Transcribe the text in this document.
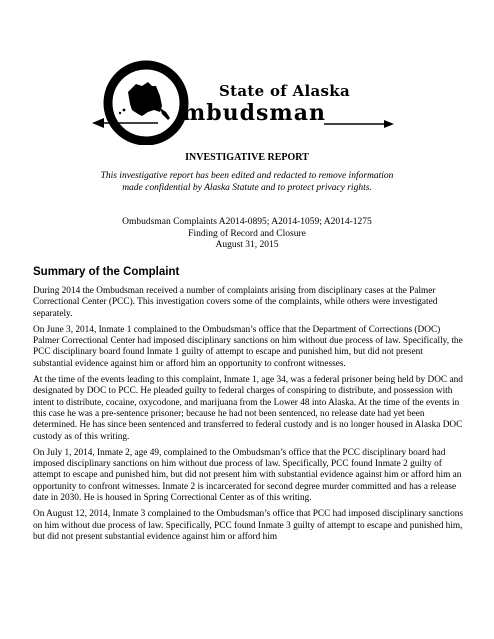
State of Alaska
mbudsman
INVESTIGATIVE REPORT
This investigative report has been edited and redacted to remove information
made confidential by Alaska Statute and to protect privacy rights.
Ombudsman Complaints A2014-0895; A2014-1059; A2014-1275
Finding of Record and Closure
August 31, 2015
Summary of the Complaint

During 2014 the Ombudsman received a number of complaints arising from disciplinary cases at the Palmer Correctional Center (PCC). This investigation covers some of the complaints, while others were investigated separately.

On June 3, 2014, Inmate 1 complained to the Ombudsman’s office that the Department of Corrections (DOC) Palmer Correctional Center had imposed disciplinary sanctions on him without due process of law. Specifically, the PCC disciplinary board found Inmate 1 guilty of attempt to escape and punished him, but did not present substantial evidence against him or afford him an opportunity to confront witnesses.

At the time of the events leading to this complaint, Inmate 1, age 34, was a federal prisoner being held by DOC and designated by DOC to PCC. He pleaded guilty to federal charges of conspiring to distribute, and possession with intent to distribute, cocaine, oxycodone, and marijuana from the Lower 48 into Alaska. At the time of the events in this case he was a pre-sentence prisoner; because he had not been sentenced, no release date had yet been determined. He has since been sentenced and transferred to federal custody and is no longer housed in Alaska DOC custody as of this writing.

On July 1, 2014, Inmate 2, age 49, complained to the Ombudsman’s office that the PCC disciplinary board had imposed disciplinary sanctions on him without due process of law. Specifically, PCC found Inmate 2 guilty of attempt to escape and punished him, but did not present him with substantial evidence against him or afford him an opportunity to confront witnesses. Inmate 2 is incarcerated for second degree murder committed and has a release date in 2030. He is housed in Spring Correctional Center as of this writing.

On August 12, 2014, Inmate 3 complained to the Ombudsman’s office that PCC had imposed disciplinary sanctions on him without due process of law. Specifically, PCC found Inmate 3 guilty of attempt to escape and punished him, but did not present substantial evidence against him or afford him
